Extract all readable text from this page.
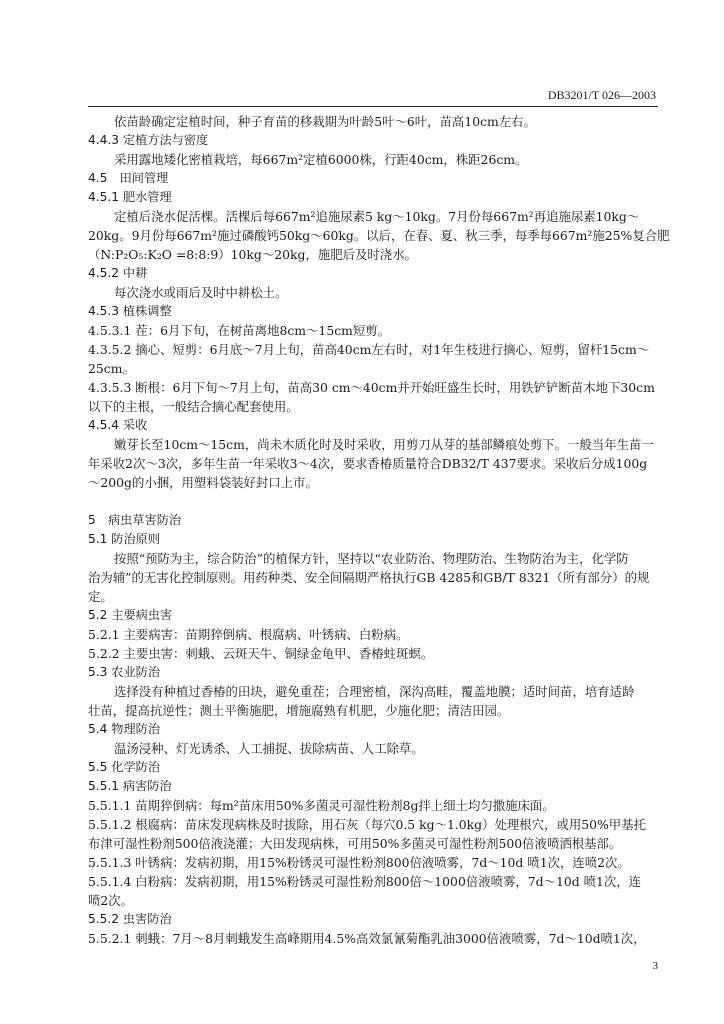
DB3201/T 026—2003
依苗龄确定定植时间，种子育苗的移栽期为叶龄5叶～6叶，苗高10cm左右。
4.4.3 定植方法与密度
采用露地矮化密植栽培，每667m²定植6000株，行距40cm，株距26cm。
4.5　田间管理
4.5.1 肥水管理
定植后浇水促活棵。活棵后每667m²追施尿素5 kg～10kg。7月份每667m²再追施尿素10kg～
20kg。9月份每667m²施过磷酸钙50kg～60kg。以后，在春、夏、秋三季，每季每667m²施25%复合肥
（N:P₂O₅:K₂O =8:8:9）10kg～20kg，施肥后及时浇水。
4.5.2 中耕
每次浇水或雨后及时中耕松土。
4.5.3 植株调整
4.5.3.1 茬：6月下旬，在树苗离地8cm～15cm短剪。
4.3.5.2 摘心、短剪：6月底～7月上旬，苗高40cm左右时，对1年生枝进行摘心、短剪，留杆15cm～
25cm。
4.3.5.3 断根：6月下旬～7月上旬，苗高30 cm～40cm并开始旺盛生长时，用铁铲铲断苗木地下30cm
以下的主根，一般结合摘心配套使用。
4.5.4 采收
嫩芽长至10cm～15cm，尚未木质化时及时采收，用剪刀从芽的基部鳞痕处剪下。一般当年生苗一
年采收2次～3次，多年生苗一年采收3～4次，要求香椿质量符合DB32/T 437要求。采收后分成100g
～200g的小捆，用塑料袋装好封口上市。
5　病虫草害防治
5.1 防治原则
按照“预防为主，综合防治”的植保方针，坚持以“农业防治、物理防治、生物防治为主，化学防
治为辅”的无害化控制原则。用药种类、安全间隔期严格执行GB 4285和GB/T 8321（所有部分）的规
定。
5.2 主要病虫害
5.2.1 主要病害：苗期猝倒病、根腐病、叶锈病、白粉病。
5.2.2 主要虫害：刺蛾、云斑天牛、铜绿金龟甲、香椿蛀斑螟。
5.3 农业防治
选择没有种植过香椿的田块，避免重茬；合理密植，深沟高畦，覆盖地膜；适时间苗，培育适龄
壮苗，提高抗逆性；测土平衡施肥，增施腐熟有机肥，少施化肥；清洁田园。
5.4 物理防治
温汤浸种、灯光诱杀、人工捕捉、拔除病苗、人工除草。
5.5 化学防治
5.5.1 病害防治
5.5.1.1 苗期猝倒病：每m²苗床用50%多菌灵可湿性粉剂8g拌上细土均匀撒施床面。
5.5.1.2 根腐病：苗床发现病株及时拔除，用石灰（每穴0.5 kg～1.0kg）处理根穴，或用50%甲基托
布津可湿性粉剂500倍液浇灌；大田发现病株，可用50%多菌灵可湿性粉剂500倍液喷洒根基部。
5.5.1.3 叶锈病：发病初期，用15%粉锈灵可湿性粉剂800倍液喷雾，7d～10d 喷1次，连喷2次。
5.5.1.4 白粉病：发病初期，用15%粉锈灵可湿性粉剂800倍～1000倍液喷雾，7d～10d 喷1次，连
喷2次。
5.5.2 虫害防治
5.5.2.1 刺蛾：7月～8月刺蛾发生高峰期用4.5%高效氯氰菊酯乳油3000倍液喷雾，7d～10d喷1次，
3
